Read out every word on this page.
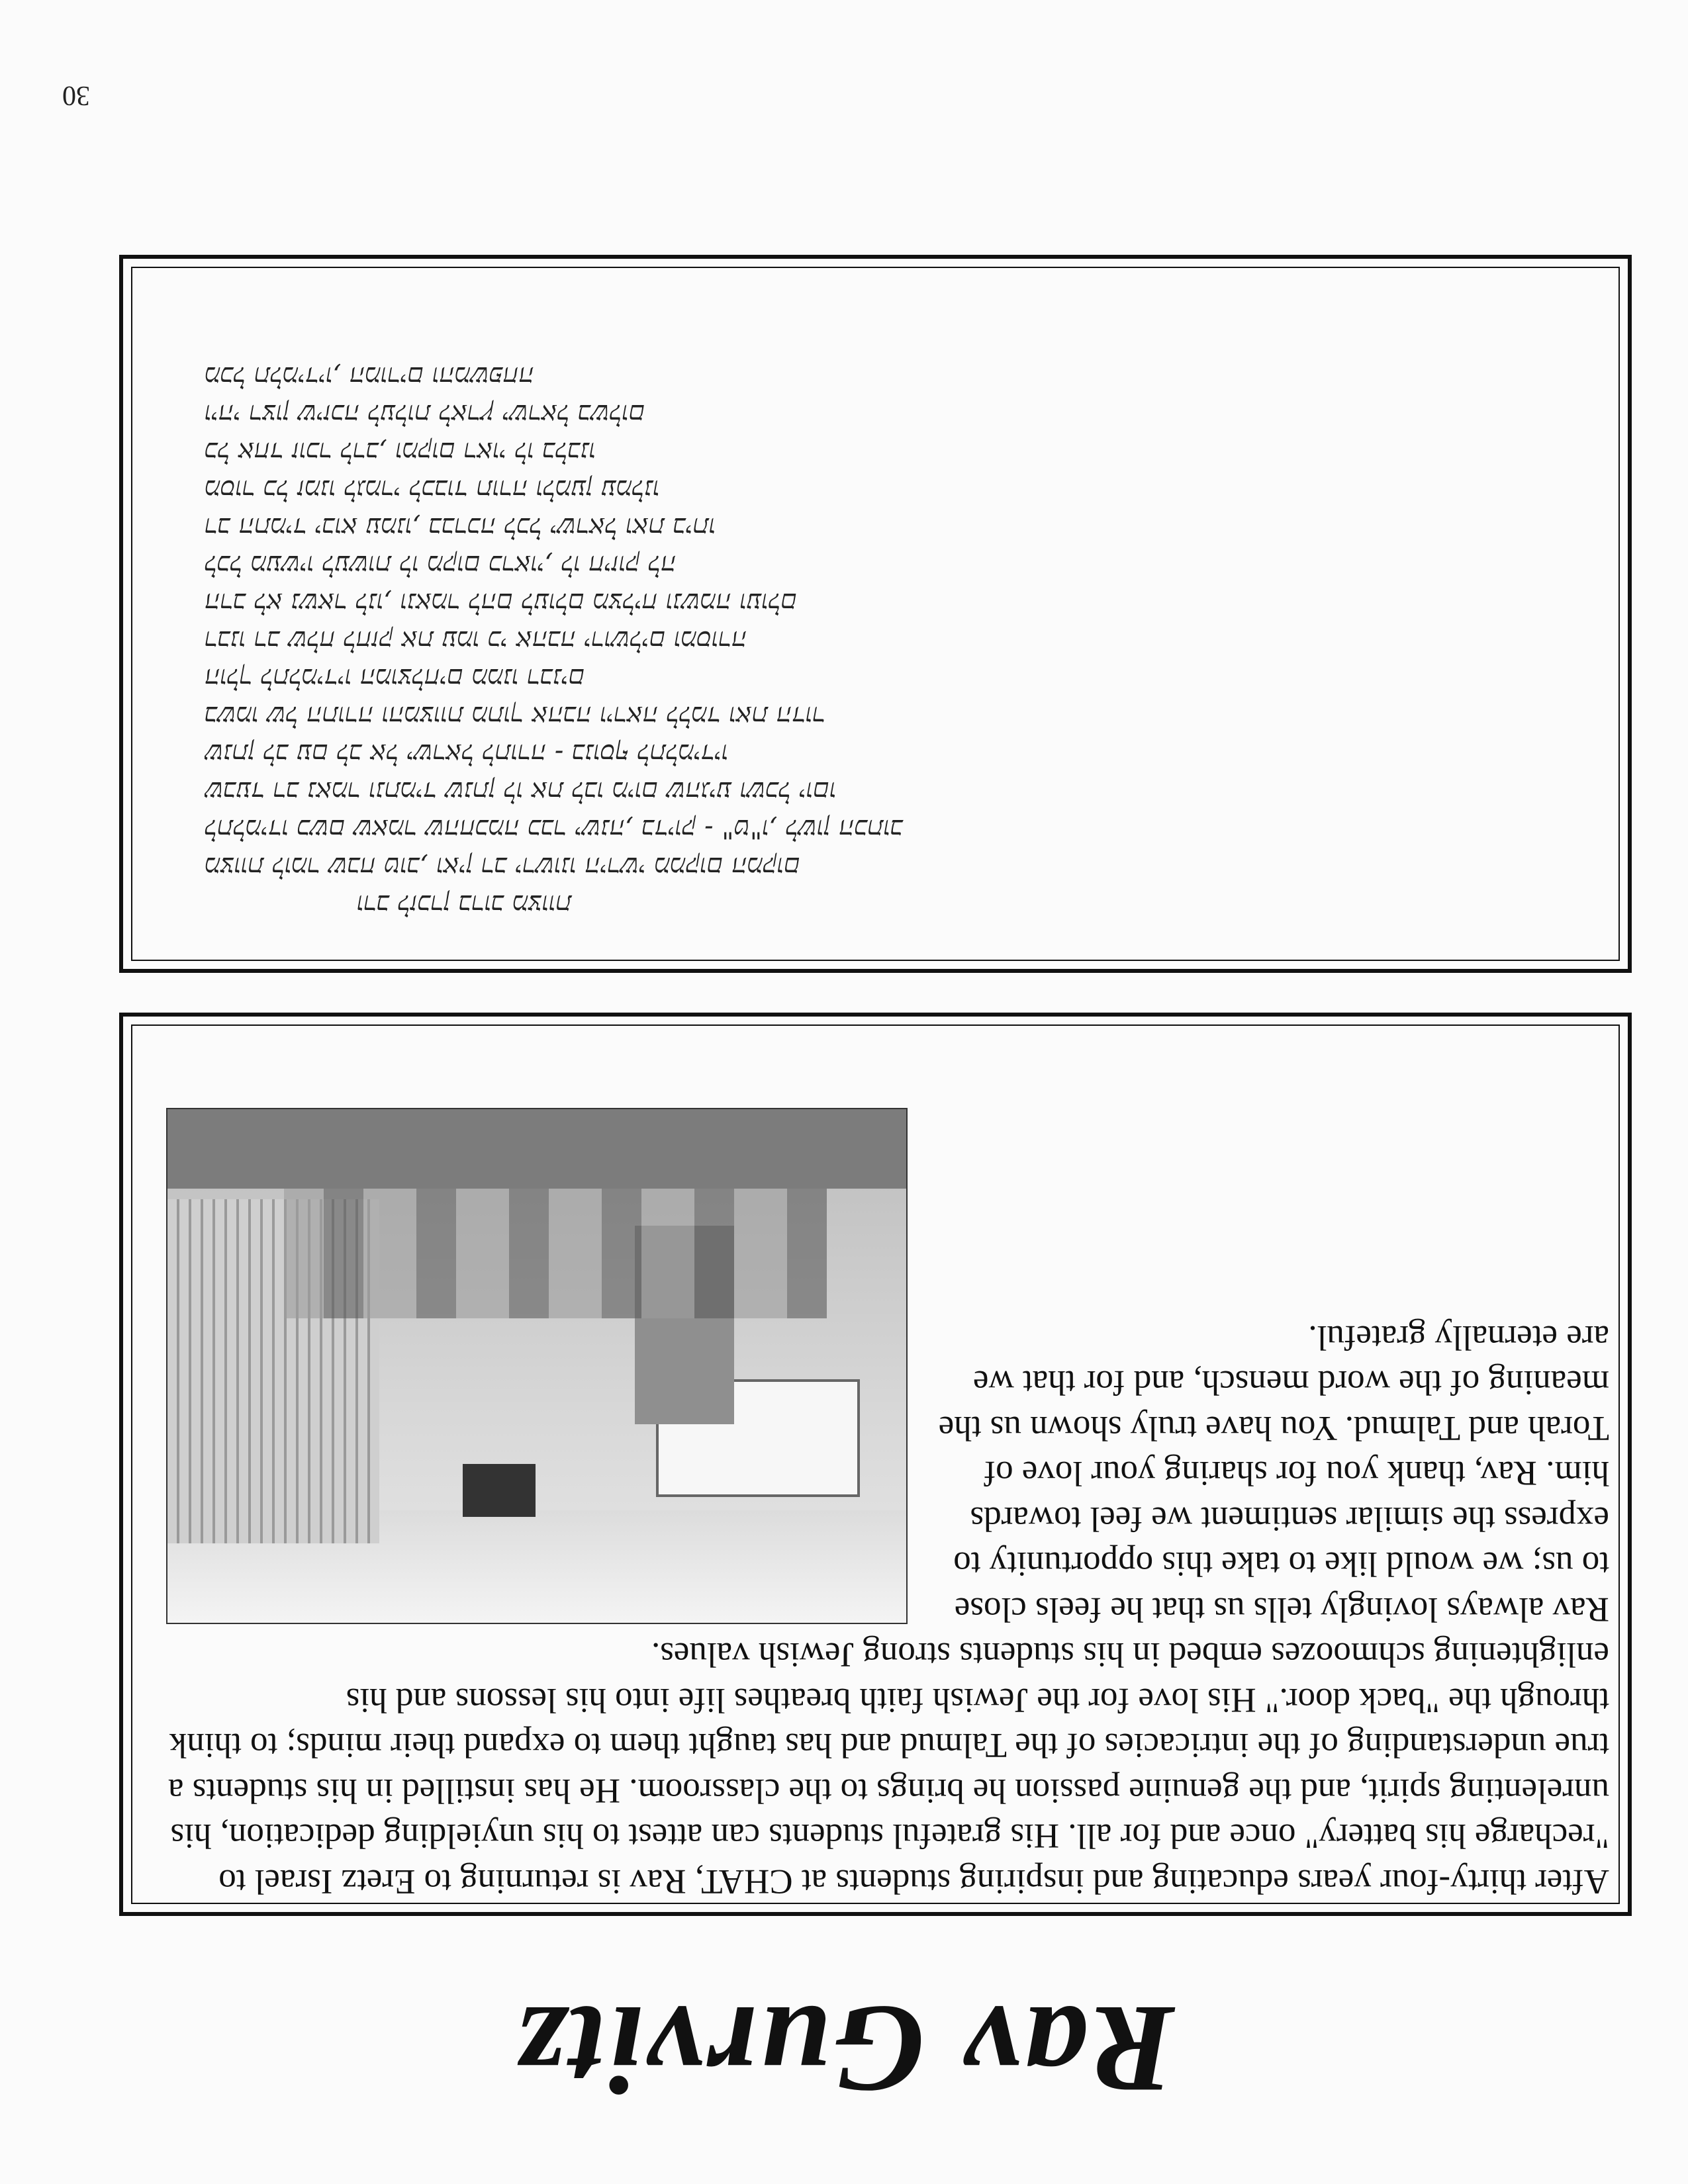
30
Rav Gurvitz

After thirty-four years educating and inspiring students at CHAT, Rav is returning to Eretz Israel to "recharge his battery" once and for all. His grateful students can attest to his unyielding dedication, his unrelenting spirit, and the genuine passion he brings to the classroom. He has instilled in his students a true understanding of the intricacies of the Talmud and has taught them to expand their minds; to think through the "back door." His love for the Jewish faith breathes life into his lessons and his enlightening schmoozes embed in his students strong Jewish values.

Rav always lovingly tells us that he feels close to us; we would like to take this opportunity to express the similar sentiment we feel towards him. Rav, thank you for sharing your love of Torah and Talmud. You have truly shown us the meaning of the word mensch, and for that we are eternally grateful.

ורב לזכרן ברוב מצוות
מצוות לומר שבח טוב, ואין רב ירשונו הירשי ממקום המקום
לתלמידו כשם שאמר שהחכמה כבר ישנה, בדיוק - "ט"ו, לשון הכתוב
שבעד רב נאמר ונתמיד שנתן לו את לבו מיום שהגיע ושכל יוםו
שנתן לב עם לב אל ישראל לתורה - בנוסף לתלמידיו
בשמו של התורה והמצוות מתוך אהבה ויראה ללמד ואת הדור
הולך לתלמידיו המוצלחים ממנו רבנים
רבנו רב שלח לחזק את עמו כי אהבה ירושלים ומסורה
הרב לא נשאר לנו, ונאמר להם לעולם מצליח ונשמה ועולם
לכל מעשיו לעשות לו מקום כראוי, לו חיזוק לה
רב התמיד יבוא עמנו, בברכה לכל ישראל ואת ביתו
מסור כל זמנו לגמרי לכבוד תורה ולמען עמלנו
כל אחד זוכר לרב, ומקום ראוי לו בלבנו
ויהי רצון שיזכה לעלות לארץ ישראל בשלום
מכל תלמידיו, המורים והמשפחה
